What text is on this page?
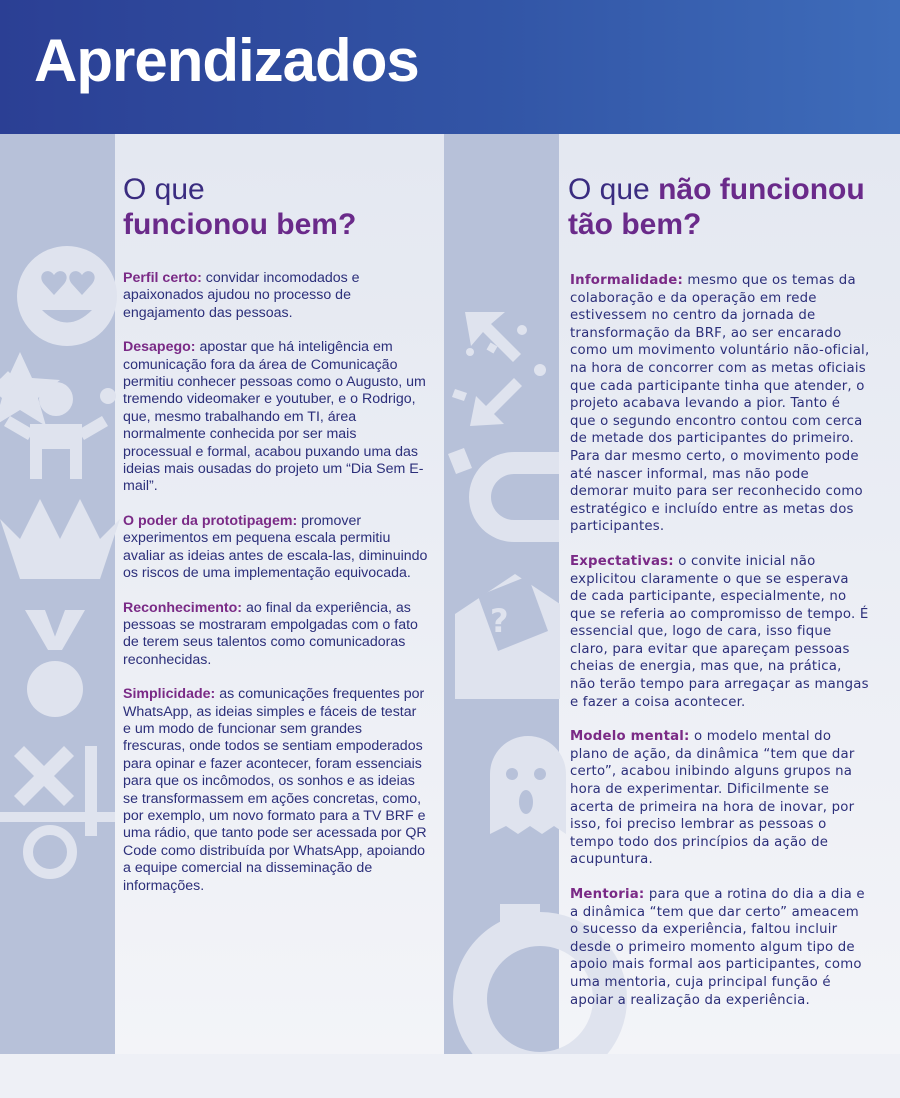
Aprendizados
?
O que
funcionou bem?
O que não funcionou
tão bem?

Perfil certo: convidar incomodados e apaixonados ajudou no processo de engajamento das pessoas.

Desapego: apostar que há inteligência em comunicação fora da área de Comunicação permitiu conhecer pessoas como o Augusto, um tremendo videomaker e youtuber, e o Rodrigo, que, mesmo trabalhando em TI, área normalmente conhecida por ser mais processual e formal, acabou puxando uma das ideias mais ousadas do projeto um “Dia Sem E-mail”.

O poder da prototipagem: promover experimentos em pequena escala permitiu avaliar as ideias antes de escala-las, diminuindo os riscos de uma implementação equivocada.

Reconhecimento: ao final da experiência, as pessoas se mostraram empolgadas com o fato de terem seus talentos como comunicadoras reconhecidas.

Simplicidade: as comunicações frequentes por WhatsApp, as ideias simples e fáceis de testar e um modo de funcionar sem grandes frescuras, onde todos se sentiam empoderados para opinar e fazer acontecer, foram essenciais para que os incômodos, os sonhos e as ideias se transformassem em ações concretas, como, por exemplo, um novo formato para a TV BRF e uma rádio, que tanto pode ser acessada por QR Code como distribuída por WhatsApp, apoiando a equipe comercial na disseminação de informações.

Informalidade: mesmo que os temas da colaboração e da operação em rede estivessem no centro da jornada de transformação da BRF, ao ser encarado como um movimento voluntário não-oficial, na hora de concorrer com as metas oficiais que cada participante tinha que atender, o projeto acabava levando a pior. Tanto é que o segundo encontro contou com cerca de metade dos participantes do primeiro. Para dar mesmo certo, o movimento pode até nascer informal, mas não pode demorar muito para ser reconhecido como estratégico e incluído entre as metas dos participantes.

Expectativas: o convite inicial não explicitou claramente o que se esperava de cada participante, especialmente, no que se referia ao compromisso de tempo. É essencial que, logo de cara, isso fique claro, para evitar que apareçam pessoas cheias de energia, mas que, na prática, não terão tempo para arregaçar as mangas e fazer a coisa acontecer.

Modelo mental: o modelo mental do plano de ação, da dinâmica “tem que dar certo”, acabou inibindo alguns grupos na hora de experimentar. Dificilmente se acerta de primeira na hora de inovar, por isso, foi preciso lembrar as pessoas o tempo todo dos princípios da ação de acupuntura.

Mentoria: para que a rotina do dia a dia e a dinâmica “tem que dar certo” ameacem o sucesso da experiência, faltou incluir desde o primeiro momento algum tipo de apoio mais formal aos participantes, como uma mentoria, cuja principal função é apoiar a realização da experiência.
